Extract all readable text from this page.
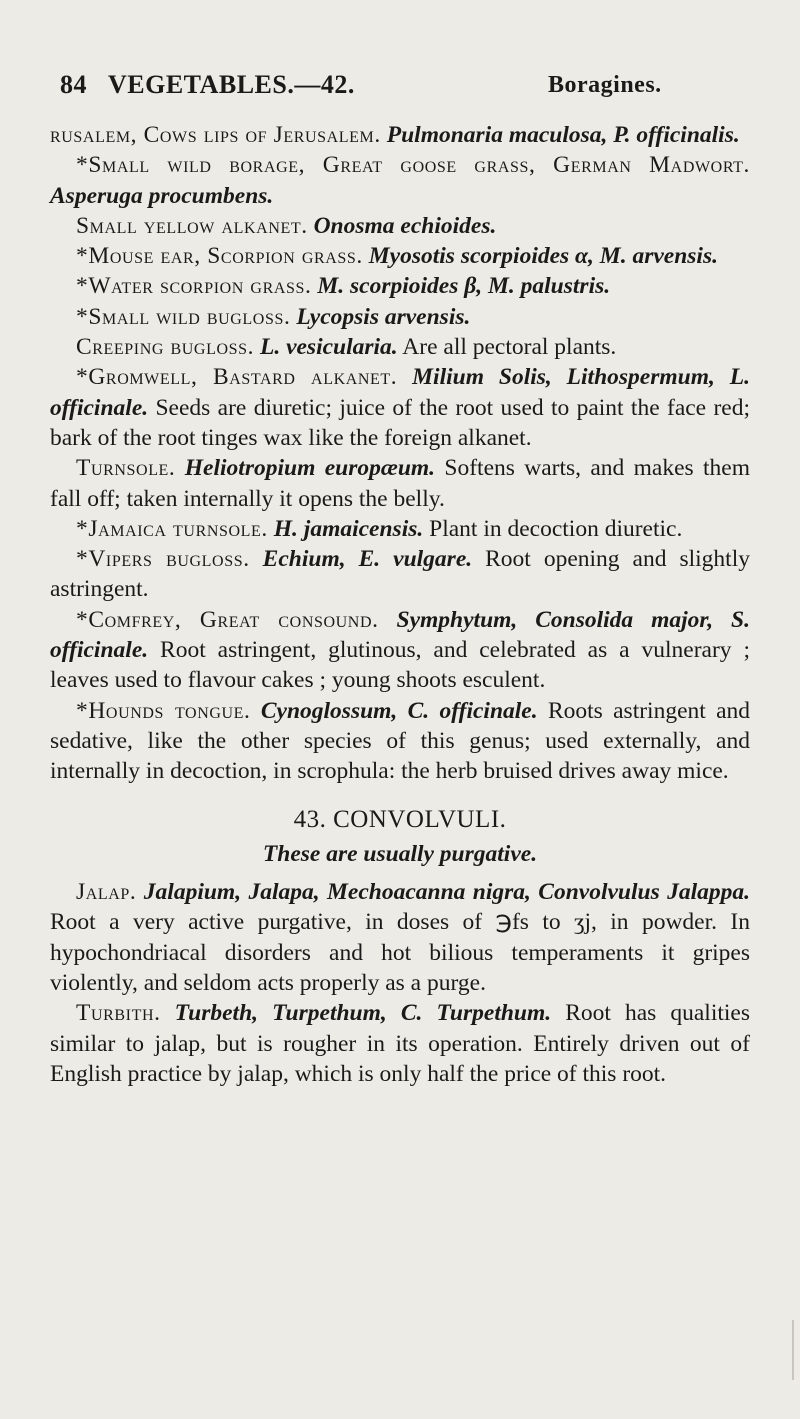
84 VEGETABLES.—42.	Boragines.

rusalem, Cows lips of Jerusalem. Pulmonaria maculosa, P. officinalis.

*Small wild borage, Great goose grass, German Madwort. Asperuga procumbens.

Small yellow alkanet. Onosma echioides.

*Mouse ear, Scorpion grass. Myosotis scorpioides α, M. arvensis.

*Water scorpion grass. M. scorpioides β, M. palustris.

*Small wild bugloss. Lycopsis arvensis.

Creeping bugloss. L. vesicularia. Are all pectoral plants.

*Gromwell, Bastard alkanet. Milium Solis, Lithospermum, L. officinale. Seeds are diuretic; juice of the root used to paint the face red; bark of the root tinges wax like the foreign alkanet.

Turnsole. Heliotropium europæum. Softens warts, and makes them fall off; taken internally it opens the belly.

*Jamaica turnsole. H. jamaicensis. Plant in decoction diuretic.

*Vipers bugloss. Echium, E. vulgare. Root opening and slightly astringent.

*Comfrey, Great consound. Symphytum, Consolida major, S. officinale. Root astringent, glutinous, and celebrated as a vulnerary ; leaves used to flavour cakes ; young shoots esculent.

*Hounds tongue. Cynoglossum, C. officinale. Roots astringent and sedative, like the other species of this genus; used externally, and internally in decoction, in scrophula: the herb bruised drives away mice.

43. CONVOLVULI.
These are usually purgative.

Jalap. Jalapium, Jalapa, Mechoacanna nigra, Convolvulus Jalappa. Root a very active purgative, in doses of ℈fs to ʒj, in powder. In hypochondriacal disorders and hot bilious temperaments it gripes violently, and seldom acts properly as a purge.

Turbith. Turbeth, Turpethum, C. Turpethum. Root has qualities similar to jalap, but is rougher in its operation. Entirely driven out of English practice by jalap, which is only half the price of this root.
